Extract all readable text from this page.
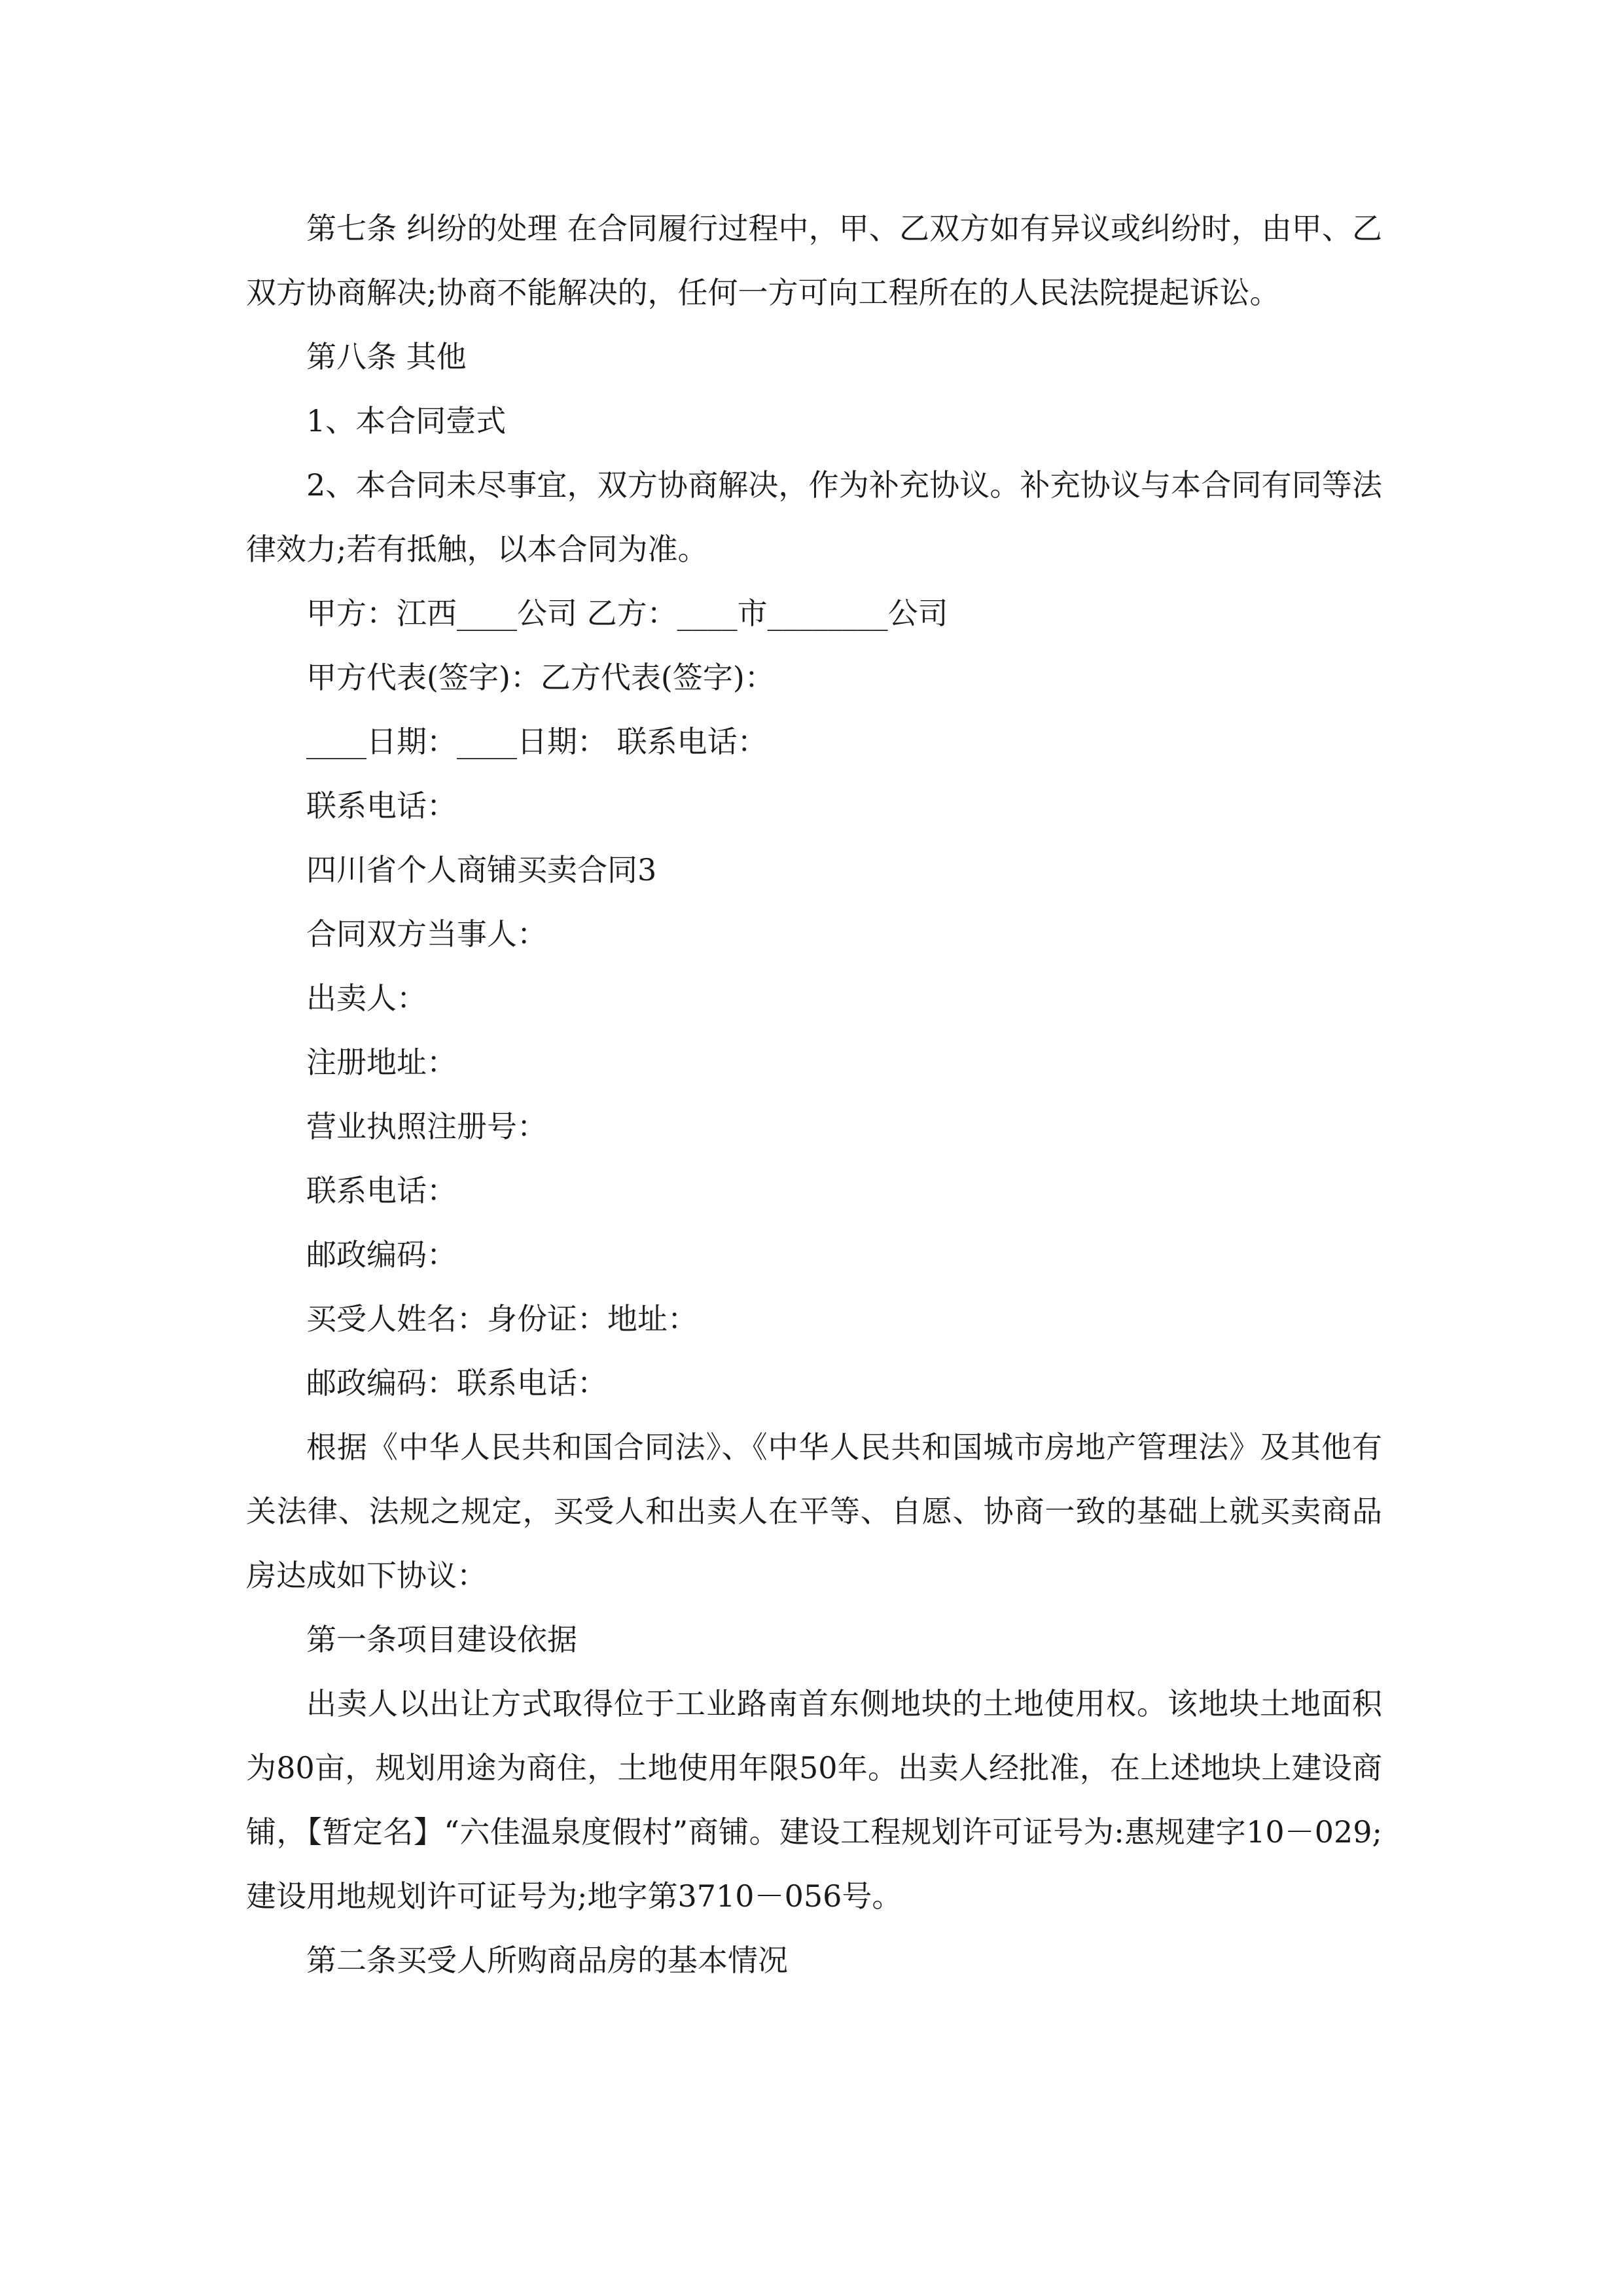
第七条 纠纷的处理 在合同履行过程中，甲、乙双方如有异议或纠纷时，由甲、乙双方协商解决;协商不能解决的，任何一方可向工程所在的人民法院提起诉讼。

第八条 其他

1、本合同壹式

2、本合同未尽事宜，双方协商解决，作为补充协议。补充协议与本合同有同等法律效力;若有抵触，以本合同为准。

甲方：江西____公司 乙方：____市________公司

甲方代表(签字)：乙方代表(签字)：

____日期：____日期： 联系电话：

联系电话：

四川省个人商铺买卖合同3

合同双方当事人：

出卖人：

注册地址：

营业执照注册号：

联系电话：

邮政编码：

买受人姓名：身份证：地址：

邮政编码：联系电话：

根据《中华人民共和国合同法》、《中华人民共和国城市房地产管理法》及其他有关法律、法规之规定，买受人和出卖人在平等、自愿、协商一致的基础上就买卖商品房达成如下协议：

第一条项目建设依据

出卖人以出让方式取得位于工业路南首东侧地块的土地使用权。该地块土地面积为80亩，规划用途为商住，土地使用年限50年。出卖人经批准，在上述地块上建设商铺，【暂定名】“六佳温泉度假村”商铺。建设工程规划许可证号为:惠规建字10－029;建设用地规划许可证号为;地字第3710－056号。

第二条买受人所购商品房的基本情况
